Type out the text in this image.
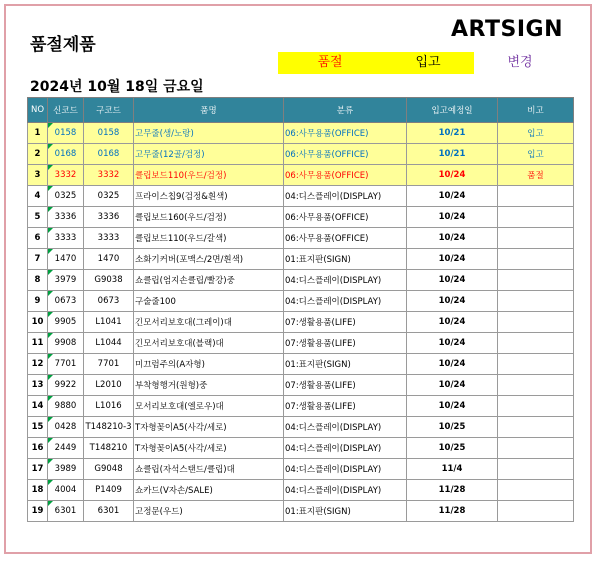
품절제품
ARTSIGN
품절	입고	변경
2024년 10월 18일 금요일
NO	신코드	구코드	품명	분류	입고예정일	비고
1	0158	0158	고무줄(생/노랑)	06:사무용품(OFFICE)	10/21	입고
2	0168	0168	고무줄(12골/검정)	06:사무용품(OFFICE)	10/21	입고
3	3332	3332	클립보드110(우드/검정)	06:사무용품(OFFICE)	10/24	품절
4	0325	0325	프라이스칩9(검정&흰색)	04:디스플레이(DISPLAY)	10/24	
5	3336	3336	클립보드160(우드/검정)	06:사무용품(OFFICE)	10/24	
6	3333	3333	클립보드110(우드/갈색)	06:사무용품(OFFICE)	10/24	
7	1470	1470	소화기커버(포맥스/2면/흰색)	01:표지판(SIGN)	10/24	
8	3979	G9038	쇼클립(엄지손클립/빨강)중	04:디스플레이(DISPLAY)	10/24	
9	0673	0673	구술줄100	04:디스플레이(DISPLAY)	10/24	
10	9905	L1041	긴모서리보호대(그레이)대	07:생활용품(LIFE)	10/24	
11	9908	L1044	긴모서리보호대(블랙)대	07:생활용품(LIFE)	10/24	
12	7701	7701	미끄럼주의(A자형)	01:표지판(SIGN)	10/24	
13	9922	L2010	부착형행거(원형)중	07:생활용품(LIFE)	10/24	
14	9880	L1016	모서리보호대(엘로우)대	07:생활용품(LIFE)	10/24	
15	0428	T148210-3	T자형꽂이A5(사각/세로)	04:디스플레이(DISPLAY)	10/25	
16	2449	T148210	T자형꽂이A5(사각/세로)	04:디스플레이(DISPLAY)	10/25	
17	3989	G9048	쇼클립(자석스탠드/클립)대	04:디스플레이(DISPLAY)	11/4	
18	4004	P1409	쇼카드(V자손/SALE)	04:디스플레이(DISPLAY)	11/28	
19	6301	6301	고정문(우드)	01:표지판(SIGN)	11/28	
